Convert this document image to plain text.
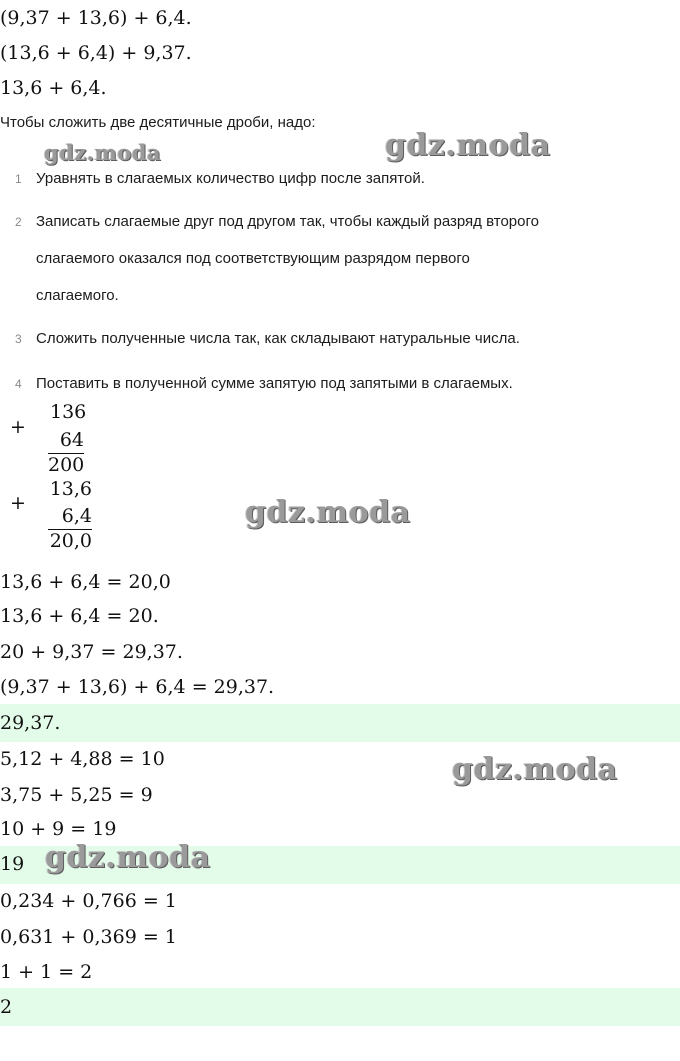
(9,37 + 13,6) + 6,4.
(13,6 + 6,4) + 9,37.
13,6 + 6,4.
Чтобы сложить две десятичные дроби, надо:
1 Уравнять в слагаемых количество цифр после запятой.
2 Записать слагаемые друг под другом так, чтобы каждый разряд второго
слагаемого оказался под соответствующим разрядом первого
слагаемого.
3 Сложить полученные числа так, как складывают натуральные числа.
4 Поставить в полученной сумме запятую под запятыми в слагаемых.
+
136
64
200
+
13,6
6,4
20,0
13,6 + 6,4 = 20,0
13,6 + 6,4 = 20.
20 + 9,37 = 29,37.
(9,37 + 13,6) + 6,4 = 29,37.
29,37.
5,12 + 4,88 = 10
3,75 + 5,25 = 9
10 + 9 = 19
19
0,234 + 0,766 = 1
0,631 + 0,369 = 1
1 + 1 = 2
2
gdz.moda	gdz.moda
gdz.moda
gdz.moda
gdz.moda
